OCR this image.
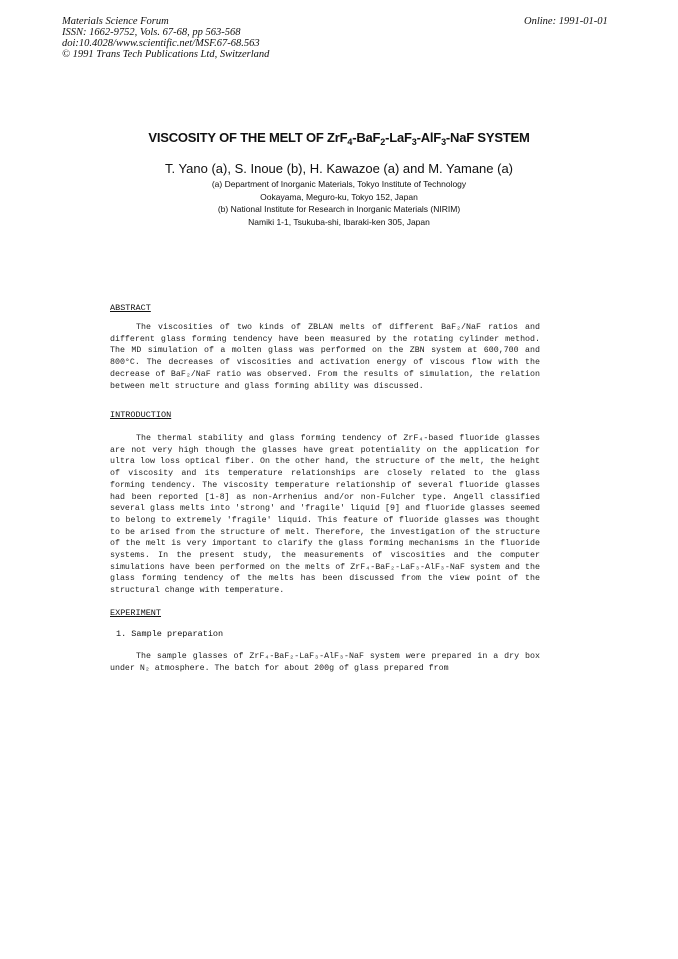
Materials Science Forum
ISSN: 1662-9752, Vols. 67-68, pp 563-568
doi:10.4028/www.scientific.net/MSF.67-68.563
© 1991 Trans Tech Publications Ltd, Switzerland
Online: 1991-01-01
VISCOSITY OF THE MELT OF ZrF$_4$-BaF$_2$-LaF$_3$-AlF$_3$-NaF SYSTEM
T. Yano (a), S. Inoue (b), H. Kawazoe (a) and M. Yamane (a)
(a) Department of Inorganic Materials, Tokyo Institute of Technology
Ookayama, Meguro-ku, Tokyo 152, Japan
(b) National Institute for Research in Inorganic Materials (NIRIM)
Namiki 1-1, Tsukuba-shi, Ibaraki-ken 305, Japan
ABSTRACT
The viscosities of two kinds of ZBLAN melts of different BaF₂/NaF ratios and different glass forming tendency have been measured by the rotating cylinder method. The MD simulation of a molten glass was performed on the ZBN system at 600,700 and 800°C. The decreases of viscosities and activation energy of viscous flow with the decrease of BaF₂/NaF ratio was observed. From the results of simulation, the relation between melt structure and glass forming ability was discussed.
INTRODUCTION
The thermal stability and glass forming tendency of ZrF₄-based fluoride glasses are not very high though the glasses have great potentiality on the application for ultra low loss optical fiber. On the other hand, the structure of the melt, the height of viscosity and its temperature relationships are closely related to the glass forming tendency. The viscosity temperature relationship of several fluoride glasses had been reported [1-8] as non-Arrhenius and/or non-Fulcher type. Angell classified several glass melts into 'strong' and 'fragile' liquid [9] and fluoride glasses seemed to belong to extremely 'fragile' liquid. This feature of fluoride glasses was thought to be arised from the structure of melt. Therefore, the investigation of the structure of the melt is very important to clarify the glass forming mechanisms in the fluoride systems. In the present study, the measurements of viscosities and the computer simulations have been performed on the melts of ZrF₄-BaF₂-LaF₃-AlF₃-NaF system and the glass forming tendency of the melts has been discussed from the view point of the structural change with temperature.
EXPERIMENT
1. Sample preparation
The sample glasses of ZrF₄-BaF₂-LaF₃-AlF₃-NaF system were prepared in a dry box under N₂ atmosphere. The batch for about 200g of glass prepared from
